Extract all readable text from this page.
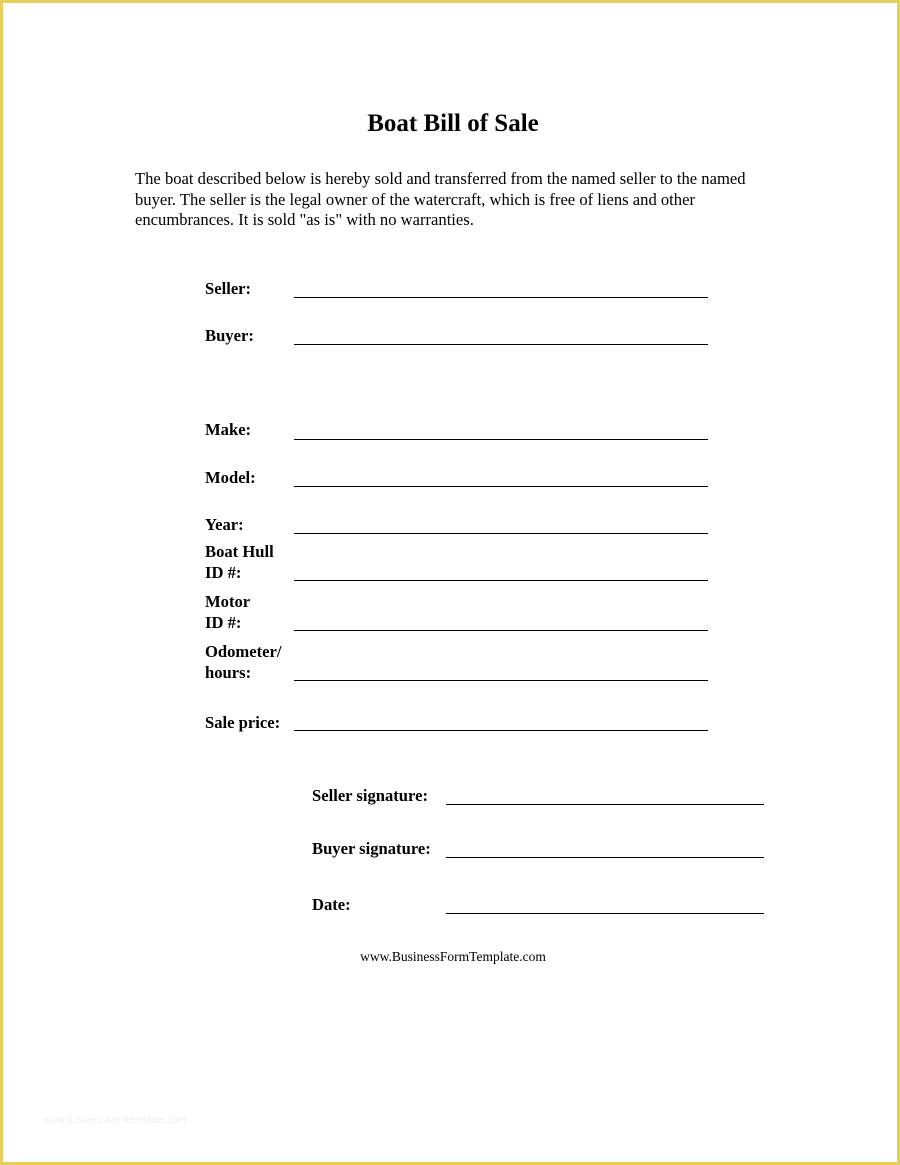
Boat Bill of Sale
The boat described below is hereby sold and transferred from the named seller to the named buyer. The seller is the legal owner of the watercraft, which is free of liens and other encumbrances. It is sold "as is" with no warranties.
Seller:
Buyer:
Make:
Model:
Year:
Boat Hull
ID #:
Motor
ID #:
Odometer/
hours:
Sale price:
Seller signature:
Buyer signature:
Date:
www.BusinessFormTemplate.com
www.businessformtemplate.com
